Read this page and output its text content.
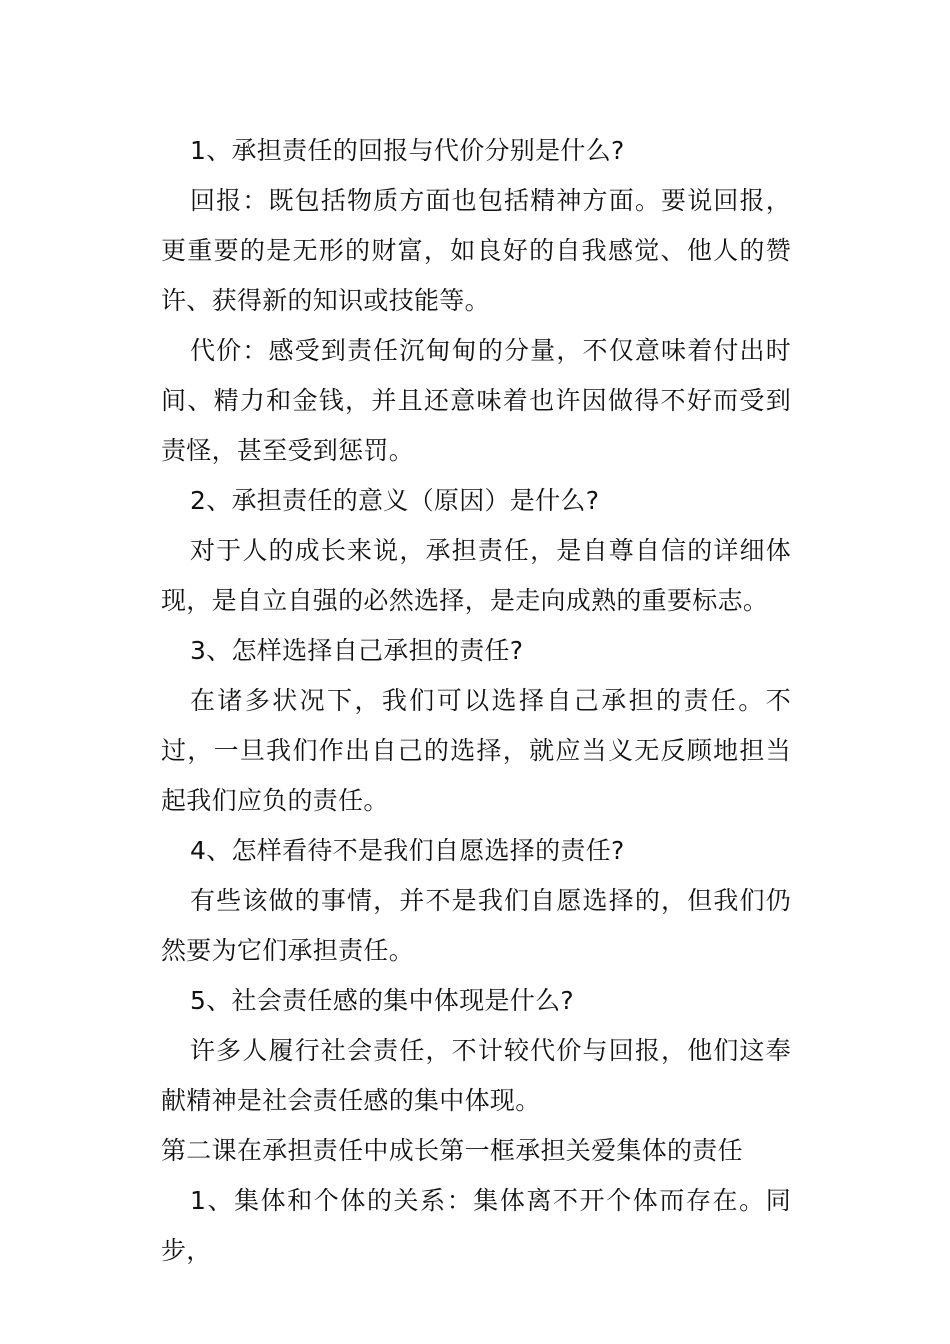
1、承担责任的回报与代价分别是什么?

回报：既包括物质方面也包括精神方面。要说回报，更重要的是无形的财富，如良好的自我感觉、他人的赞许、获得新的知识或技能等。

代价：感受到责任沉甸甸的分量，不仅意味着付出时间、精力和金钱，并且还意味着也许因做得不好而受到责怪，甚至受到惩罚。

2、承担责任的意义（原因）是什么?

对于人的成长来说，承担责任，是自尊自信的详细体现，是自立自强的必然选择，是走向成熟的重要标志。

3、怎样选择自己承担的责任?

在诸多状况下，我们可以选择自己承担的责任。不过，一旦我们作出自己的选择，就应当义无反顾地担当起我们应负的责任。

4、怎样看待不是我们自愿选择的责任?

有些该做的事情，并不是我们自愿选择的，但我们仍然要为它们承担责任。

5、社会责任感的集中体现是什么?

许多人履行社会责任，不计较代价与回报，他们这奉献精神是社会责任感的集中体现。

第二课在承担责任中成长第一框承担关爱集体的责任

1、集体和个体的关系：集体离不开个体而存在。同步，
